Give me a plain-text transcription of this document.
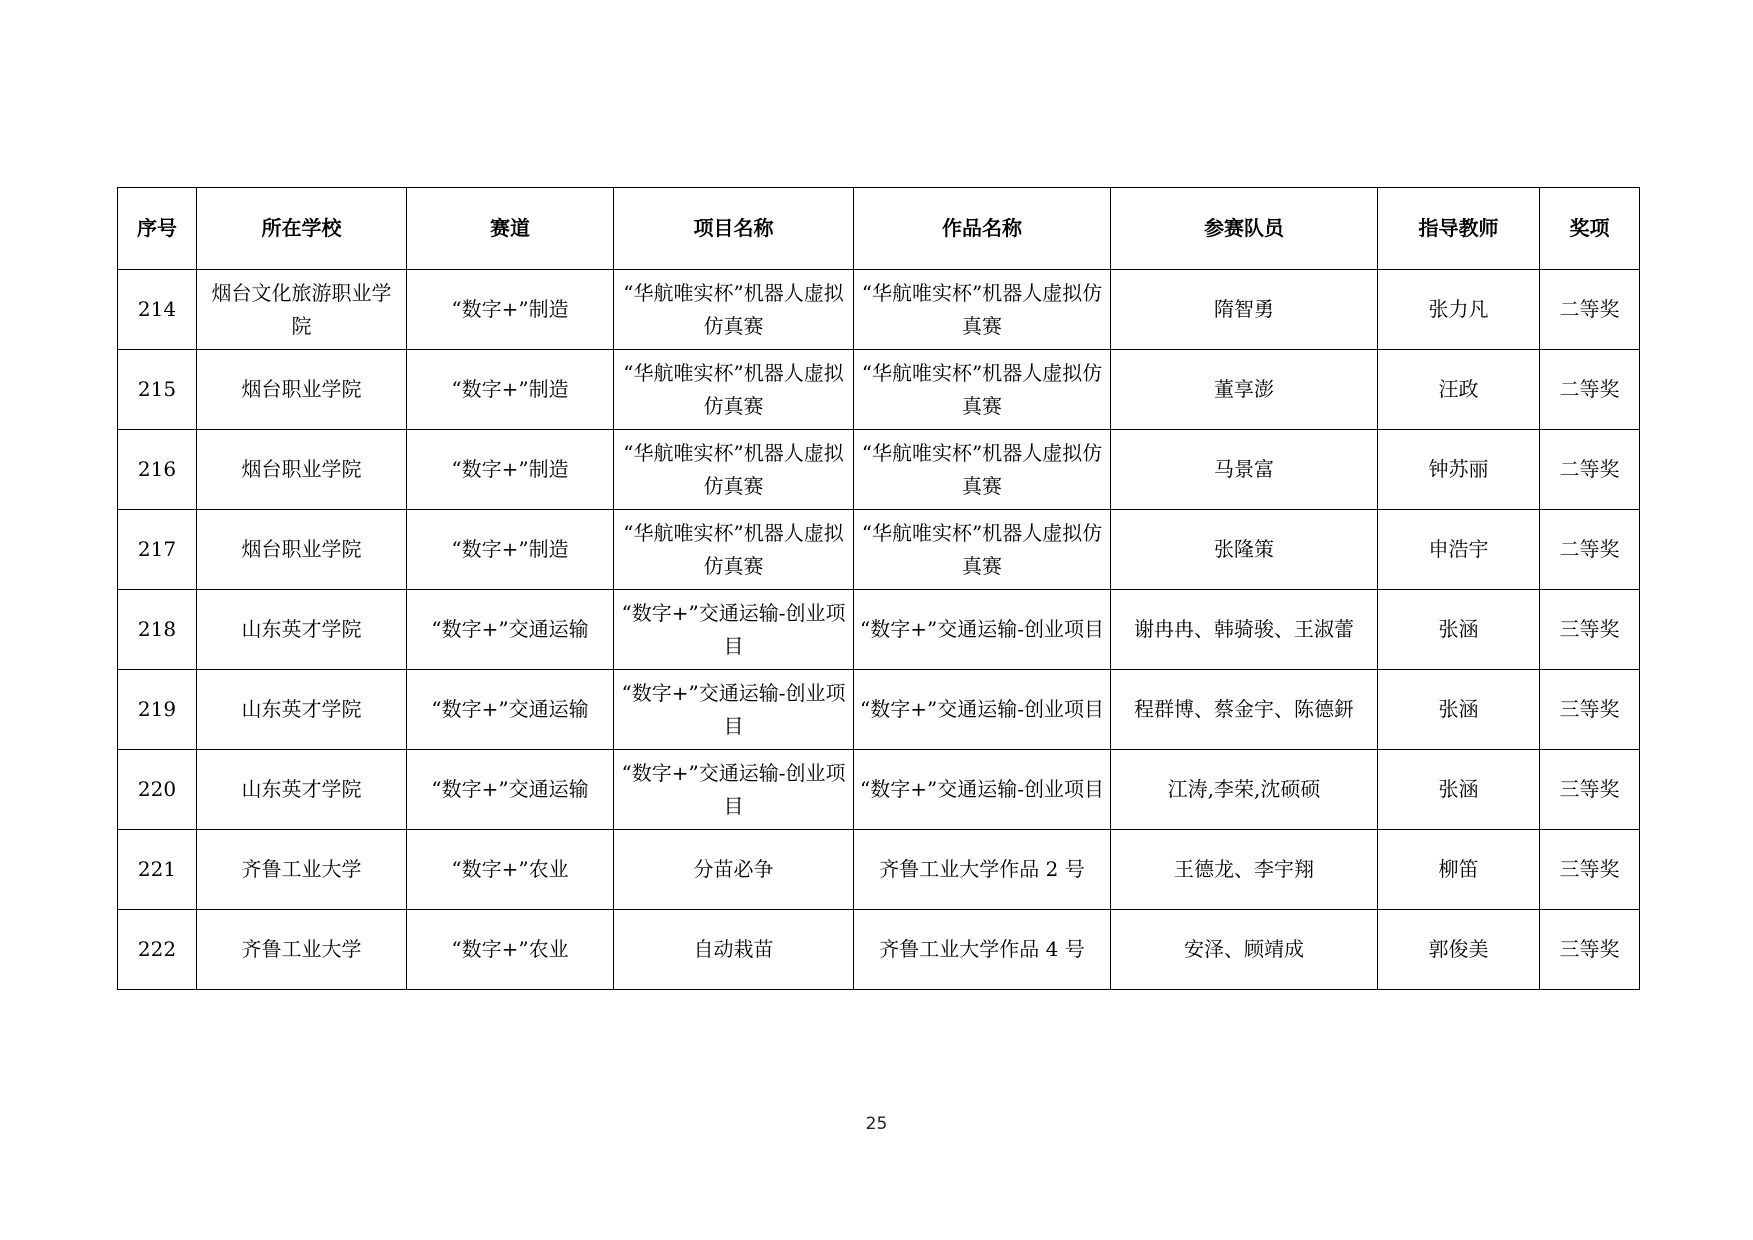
序号	所在学校	赛道	项目名称	作品名称	参赛队员	指导教师	奖项
214	烟台文化旅游职业学院	“数字+”制造	“华航唯实杯”机器人虚拟仿真赛	“华航唯实杯”机器人虚拟仿真赛	隋智勇	张力凡	二等奖
215	烟台职业学院	“数字+”制造	“华航唯实杯”机器人虚拟仿真赛	“华航唯实杯”机器人虚拟仿真赛	董享澎	汪政	二等奖
216	烟台职业学院	“数字+”制造	“华航唯实杯”机器人虚拟仿真赛	“华航唯实杯”机器人虚拟仿真赛	马景富	钟苏丽	二等奖
217	烟台职业学院	“数字+”制造	“华航唯实杯”机器人虚拟仿真赛	“华航唯实杯”机器人虚拟仿真赛	张隆策	申浩宇	二等奖
218	山东英才学院	“数字+”交通运输	“数字+”交通运输-创业项目	“数字+”交通运输-创业项目	谢冉冉、韩骑骏、王淑蕾	张涵	三等奖
219	山东英才学院	“数字+”交通运输	“数字+”交通运输-创业项目	“数字+”交通运输-创业项目	程群博、蔡金宇、陈德鈃	张涵	三等奖
220	山东英才学院	“数字+”交通运输	“数字+”交通运输-创业项目	“数字+”交通运输-创业项目	江涛,李荣,沈硕硕	张涵	三等奖
221	齐鲁工业大学	“数字+”农业	分苗必争	齐鲁工业大学作品 2 号	王德龙、李宇翔	柳笛	三等奖
222	齐鲁工业大学	“数字+”农业	自动栽苗	齐鲁工业大学作品 4 号	安泽、顾靖成	郭俊美	三等奖
25
